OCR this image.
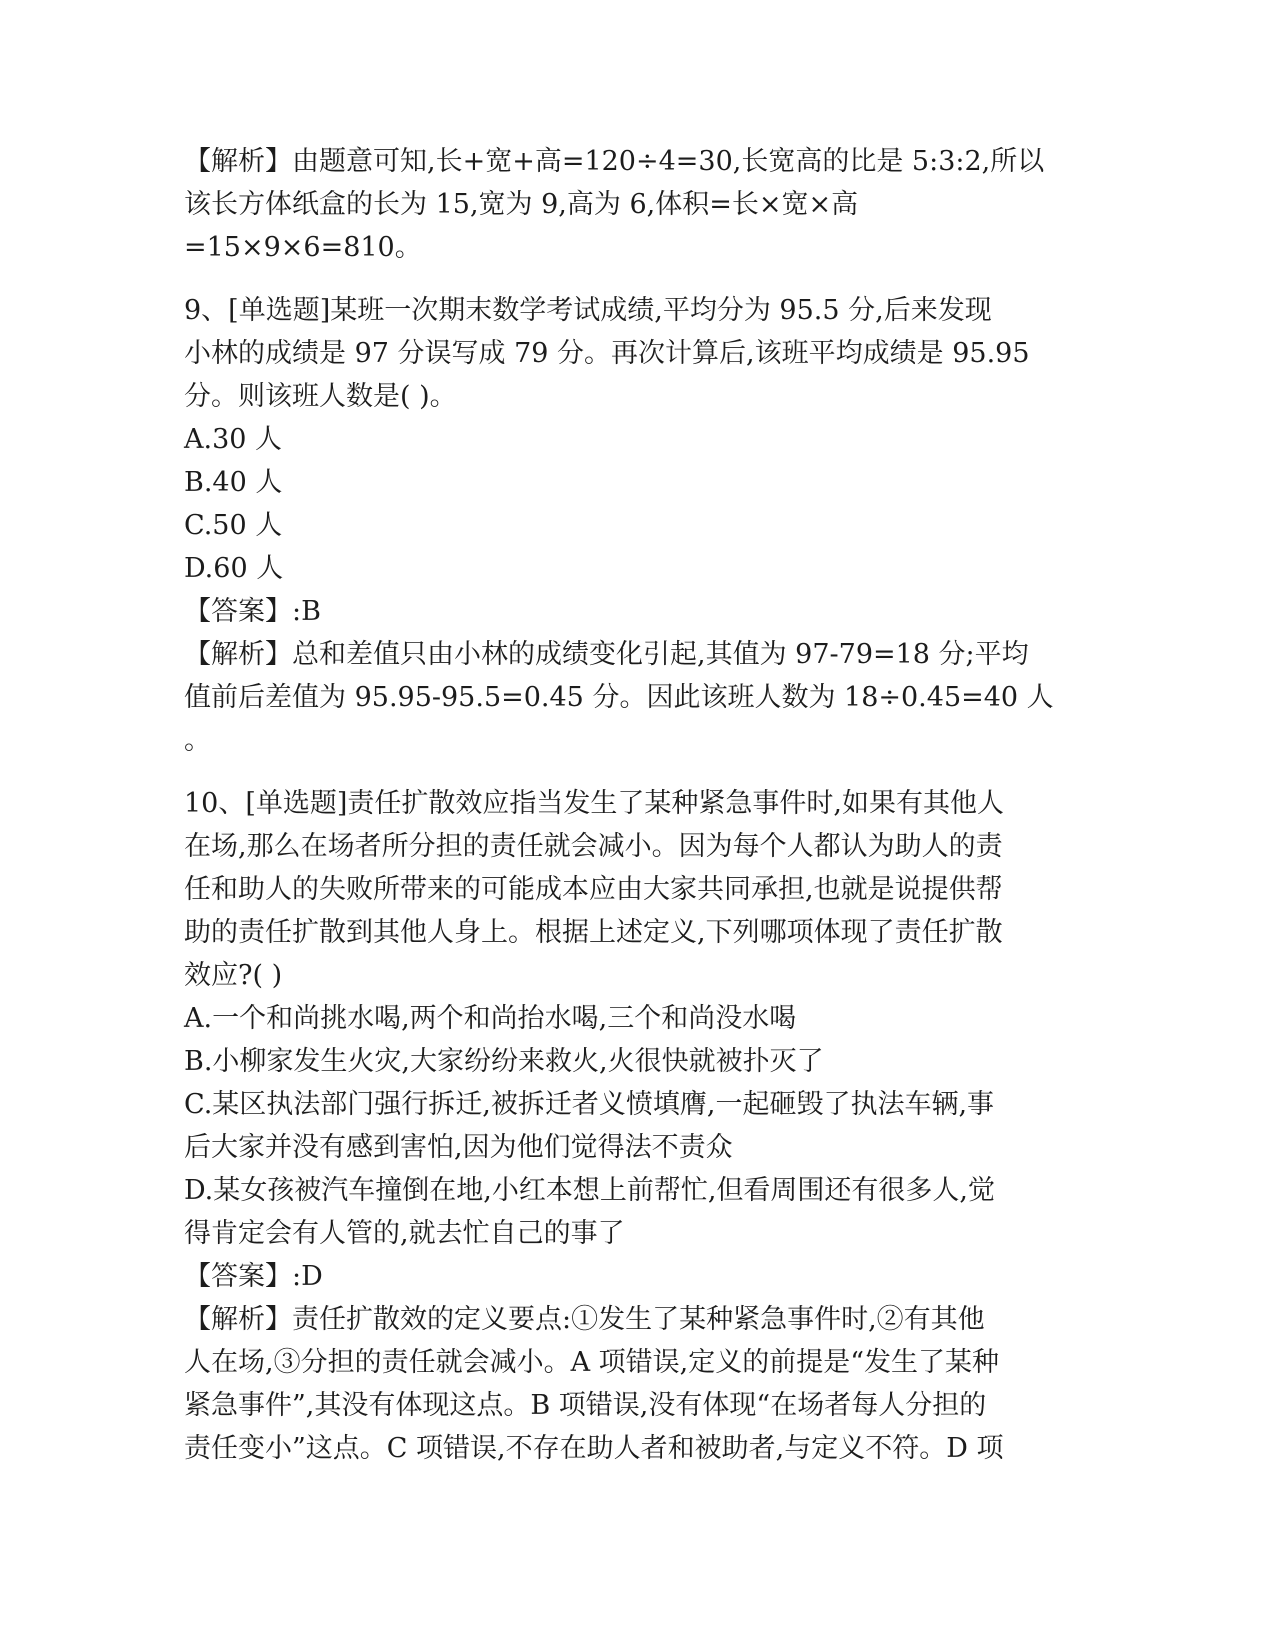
【解析】由题意可知,长+宽+高=120÷4=30,长宽高的比是 5:3:2,所以
该长方体纸盒的长为 15,宽为 9,高为 6,体积=长×宽×高
=15×9×6=810。
9、[单选题]某班一次期末数学考试成绩,平均分为 95.5 分,后来发现
小林的成绩是 97 分误写成 79 分。再次计算后,该班平均成绩是 95.95
分。则该班人数是( )。
A.30 人
B.40 人
C.50 人
D.60 人
【答案】:B
【解析】总和差值只由小林的成绩变化引起,其值为 97-79=18 分;平均
值前后差值为 95.95-95.5=0.45 分。因此该班人数为 18÷0.45=40 人
。
10、[单选题]责任扩散效应指当发生了某种紧急事件时,如果有其他人
在场,那么在场者所分担的责任就会减小。因为每个人都认为助人的责
任和助人的失败所带来的可能成本应由大家共同承担,也就是说提供帮
助的责任扩散到其他人身上。根据上述定义,下列哪项体现了责任扩散
效应?( )
A.一个和尚挑水喝,两个和尚抬水喝,三个和尚没水喝
B.小柳家发生火灾,大家纷纷来救火,火很快就被扑灭了
C.某区执法部门强行拆迁,被拆迁者义愤填膺,一起砸毁了执法车辆,事
后大家并没有感到害怕,因为他们觉得法不责众
D.某女孩被汽车撞倒在地,小红本想上前帮忙,但看周围还有很多人,觉
得肯定会有人管的,就去忙自己的事了
【答案】:D
【解析】责任扩散效的定义要点:①发生了某种紧急事件时,②有其他
人在场,③分担的责任就会减小。A 项错误,定义的前提是“发生了某种
紧急事件”,其没有体现这点。B 项错误,没有体现“在场者每人分担的
责任变小”这点。C 项错误,不存在助人者和被助者,与定义不符。D 项
